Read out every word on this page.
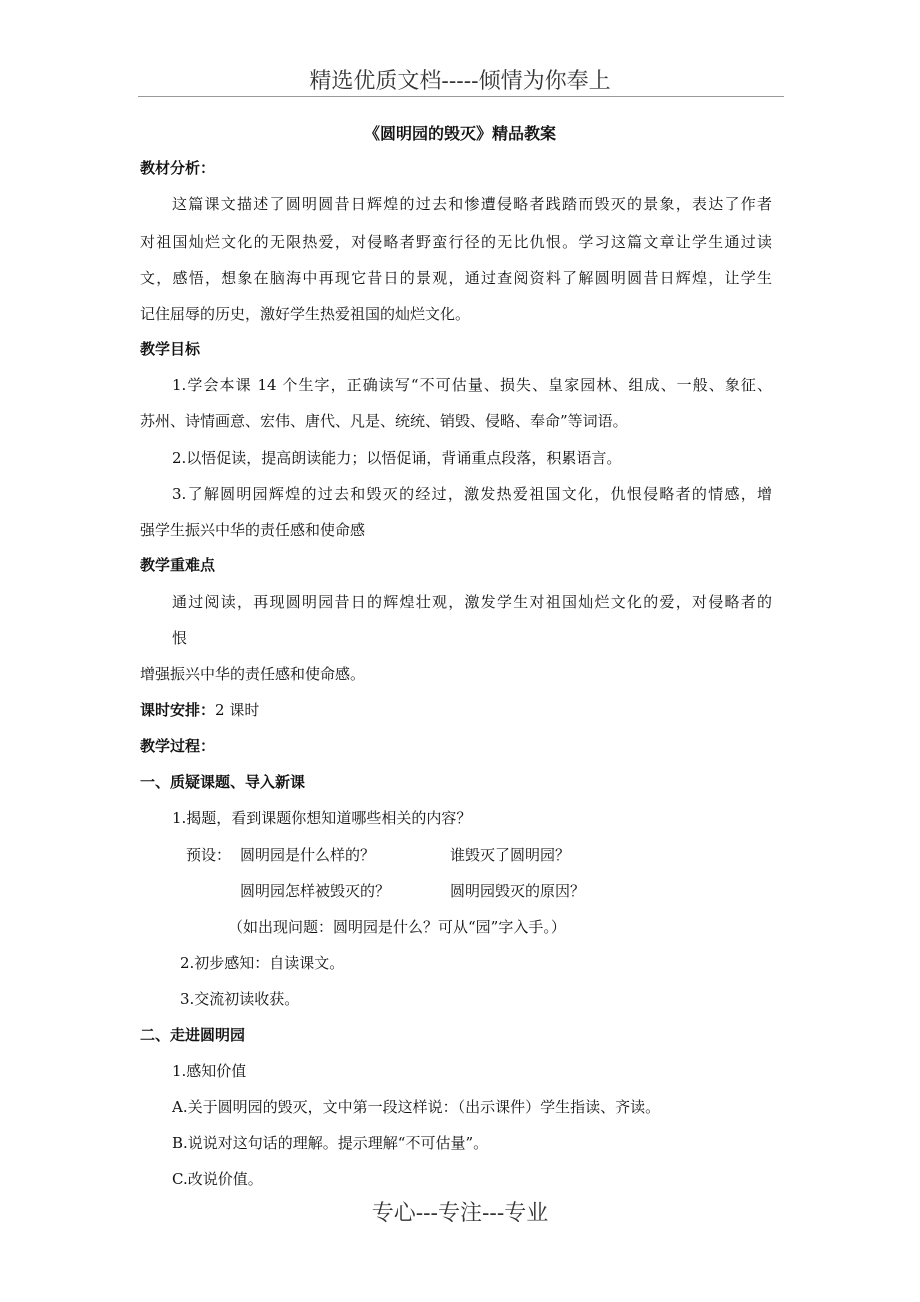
精选优质文档-----倾情为你奉上
《圆明园的毁灭》精品教案
教材分析：
这篇课文描述了圆明圆昔日辉煌的过去和惨遭侵略者践踏而毁灭的景象，表达了作者
对祖国灿烂文化的无限热爱，对侵略者野蛮行径的无比仇恨。学习这篇文章让学生通过读
文，感悟，想象在脑海中再现它昔日的景观，通过查阅资料了解圆明圆昔日辉煌，让学生
记住屈辱的历史，激好学生热爱祖国的灿烂文化。
教学目标
1.学会本课 14 个生字，正确读写“不可估量、损失、皇家园林、组成、一般、象征、
苏州、诗情画意、宏伟、唐代、凡是、统统、销毁、侵略、奉命”等词语。
2.以悟促读，提高朗读能力；以悟促诵，背诵重点段落，积累语言。
3.了解圆明园辉煌的过去和毁灭的经过，激发热爱祖国文化，仇恨侵略者的情感，增
强学生振兴中华的责任感和使命感
教学重难点
通过阅读，再现圆明园昔日的辉煌壮观，激发学生对祖国灿烂文化的爱，对侵略者的
恨
增强振兴中华的责任感和使命感。
课时安排：2 课时
教学过程：
一、质疑课题、导入新课
1.揭题，看到课题你想知道哪些相关的内容？
预设： 圆明园是什么样的？	谁毁灭了圆明园？
圆明园怎样被毁灭的？	圆明园毁灭的原因？
（如出现问题：圆明园是什么？可从“园”字入手。）
2.初步感知：自读课文。
3.交流初读收获。
二、走进圆明园
1.感知价值
A.关于圆明园的毁灭，文中第一段这样说：（出示课件）学生指读、齐读。
B.说说对这句话的理解。提示理解“不可估量”。
C.改说价值。
专心---专注---专业
